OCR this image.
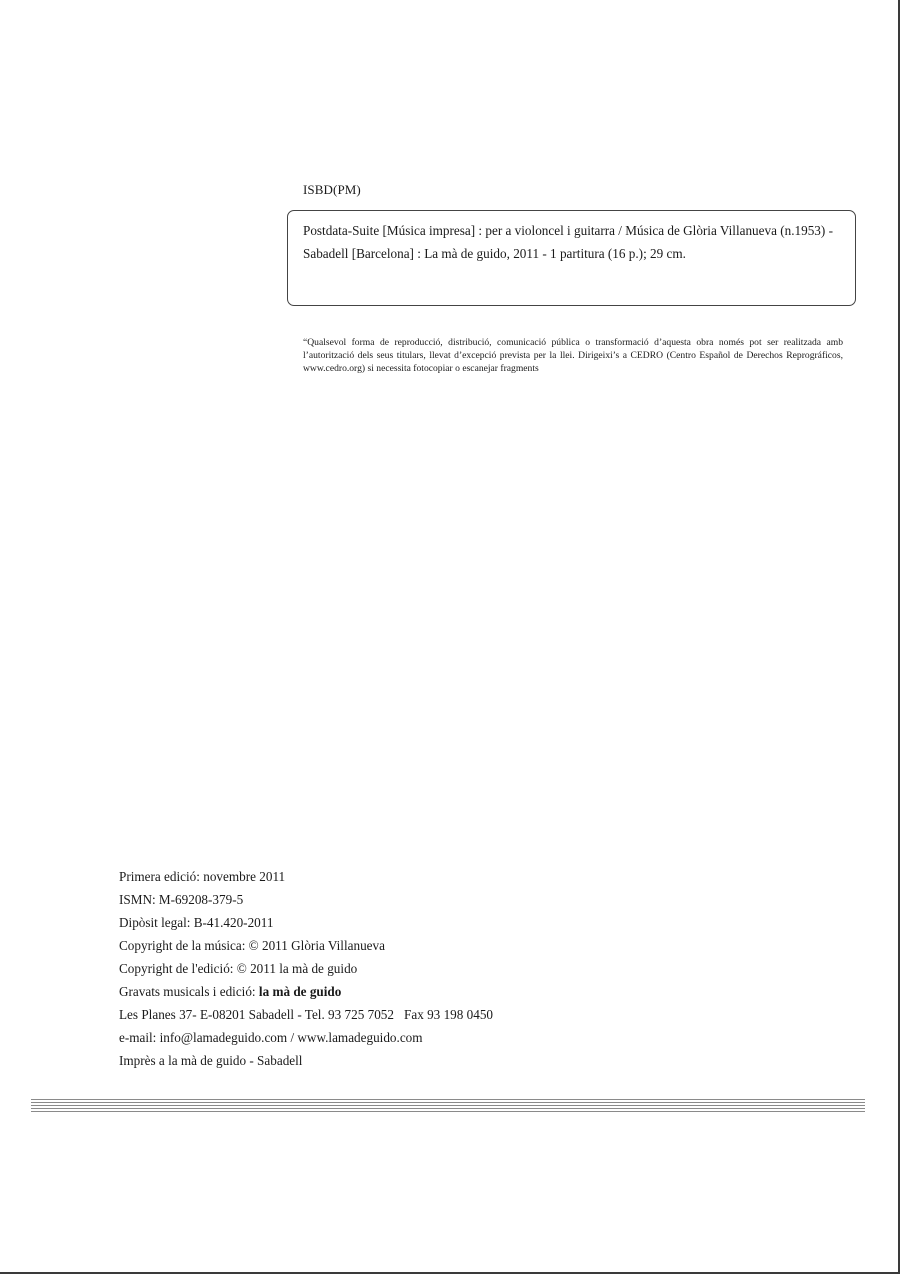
ISBD(PM)
Postdata-Suite [Música impresa] : per a violoncel i guitarra / Música de Glòria Villanueva (n.1953) - Sabadell [Barcelona] : La mà de guido, 2011 - 1 partitura (16 p.); 29 cm.
“Qualsevol forma de reproducció, distribució, comunicació pública o transformació d’aquesta obra només pot ser realitzada amb l’autorització dels seus titulars, llevat d’excepció prevista per la llei. Dirigeixi’s a CEDRO (Centro Español de Derechos Reprográficos, www.cedro.org) si necessita fotocopiar o escanejar fragments
Primera edició: novembre 2011
ISMN: M-69208-379-5
Dipòsit legal: B-41.420-2011
Copyright de la música: © 2011 Glòria Villanueva
Copyright de l'edició: © 2011 la mà de guido
Gravats musicals i edició: la mà de guido
Les Planes 37- E-08201 Sabadell - Tel. 93 725 7052 Fax 93 198 0450
e-mail: info@lamadeguido.com / www.lamadeguido.com
Imprès a la mà de guido - Sabadell
